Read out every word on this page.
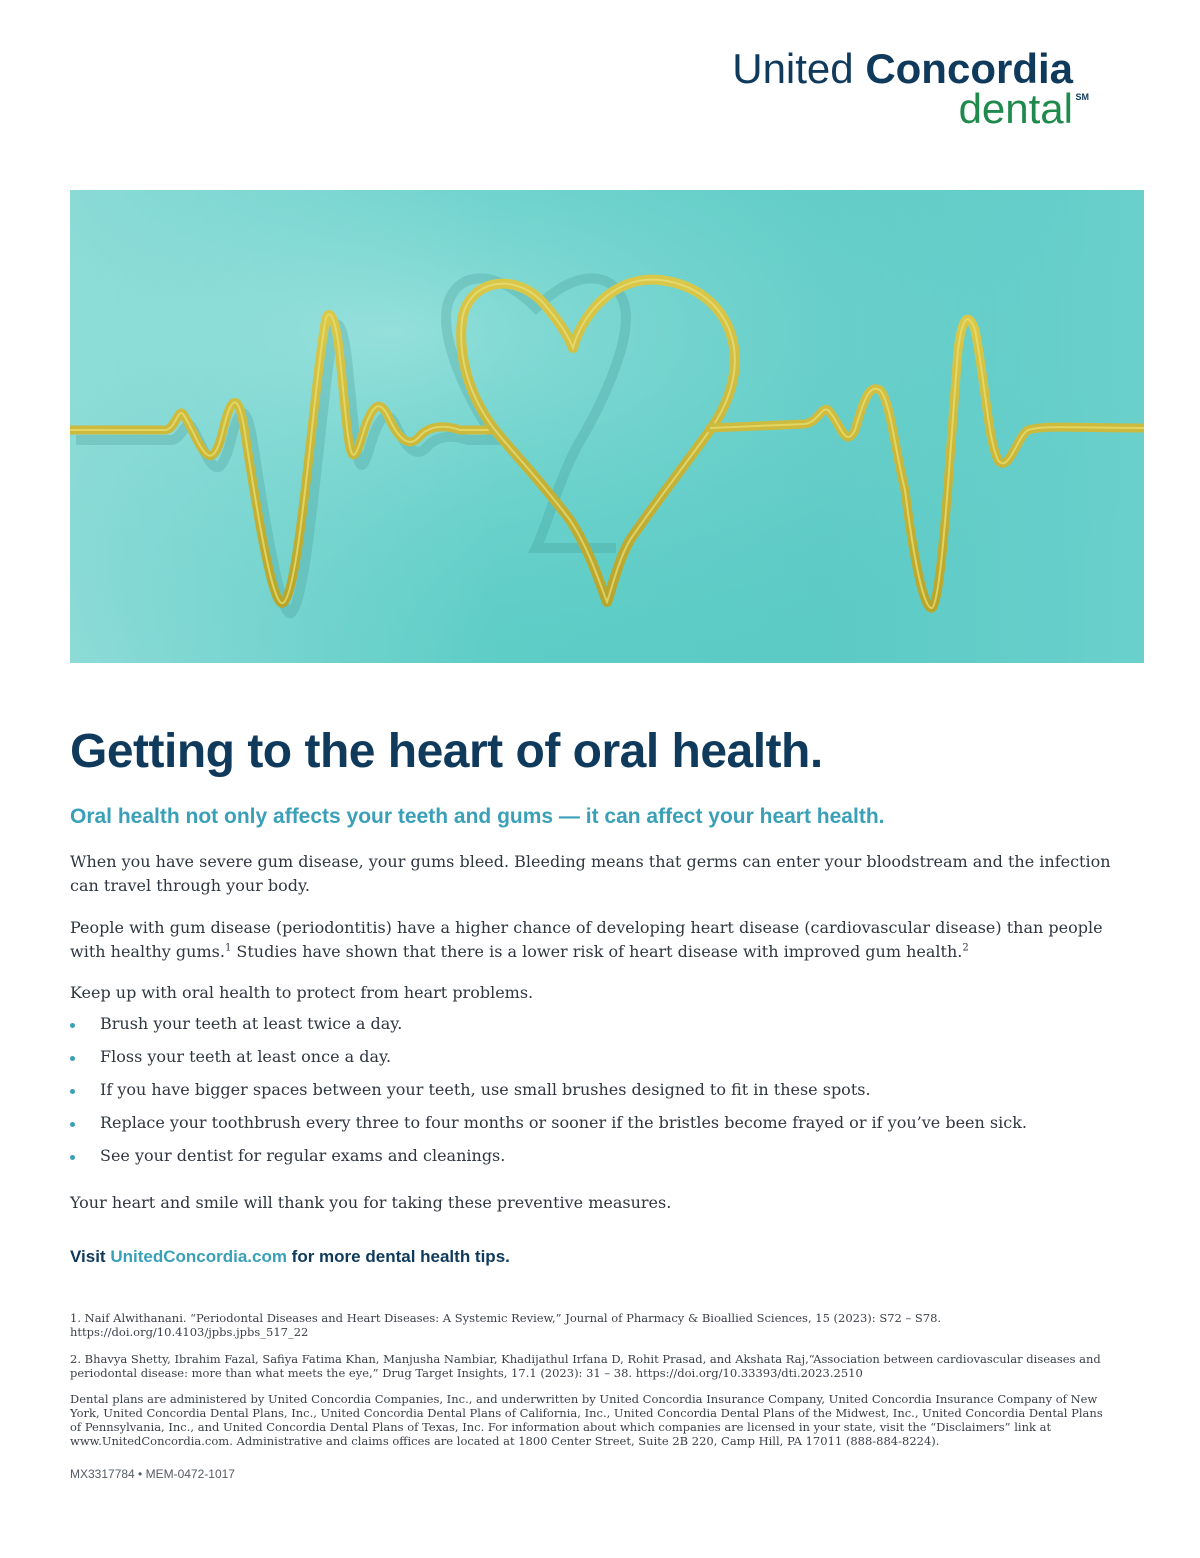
United Concordia
dental SM
Getting to the heart of oral health.
Oral health not only affects your teeth and gums — it can affect your heart health.

When you have severe gum disease, your gums bleed. Bleeding means that germs can enter your bloodstream and the infection can travel through your body.

People with gum disease (periodontitis) have a higher chance of developing heart disease (cardiovascular disease) than people with healthy gums.$^1$ Studies have shown that there is a lower risk of heart disease with improved gum health.$^2$

Keep up with oral health to protect from heart problems.

Brush your teeth at least twice a day.
Floss your teeth at least once a day.
If you have bigger spaces between your teeth, use small brushes designed to fit in these spots.
Replace your toothbrush every three to four months or sooner if the bristles become frayed or if you’ve been sick.
See your dentist for regular exams and cleanings.

Your heart and smile will thank you for taking these preventive measures.

Visit UnitedConcordia.com for more dental health tips.

1. Naif Alwithanani. “Periodontal Diseases and Heart Diseases: A Systemic Review,” Journal of Pharmacy & Bioallied Sciences, 15 (2023): S72 – S78. https://doi.org/10.4103/jpbs.jpbs_517_22

2. Bhavya Shetty, Ibrahim Fazal, Safiya Fatima Khan, Manjusha Nambiar, Khadijathul Irfana D, Rohit Prasad, and Akshata Raj,“Association between cardiovascular diseases and periodontal disease: more than what meets the eye,” Drug Target Insights, 17.1 (2023): 31 – 38. https://doi.org/10.33393/dti.2023.2510

Dental plans are administered by United Concordia Companies, Inc., and underwritten by United Concordia Insurance Company, United Concordia Insurance Company of New York, United Concordia Dental Plans, Inc., United Concordia Dental Plans of California, Inc., United Concordia Dental Plans of the Midwest, Inc., United Concordia Dental Plans of Pennsylvania, Inc., and United Concordia Dental Plans of Texas, Inc. For information about which companies are licensed in your state, visit the “Disclaimers” link at www.UnitedConcordia.com. Administrative and claims offices are located at 1800 Center Street, Suite 2B 220, Camp Hill, PA 17011 (888-884-8224).

MX3317784 • MEM-0472-1017
